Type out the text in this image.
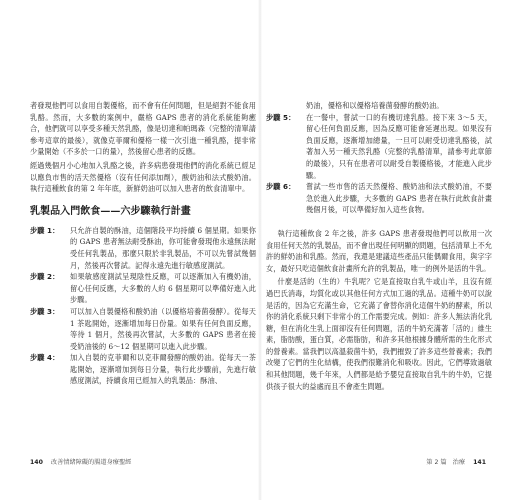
者發現他們可以食用自製優格，而不會有任何問題，但是絕對不能食用乳酪。然而，大多數的案例中，嚴格 GAPS 患者的消化系統能夠癒合，他們就可以享受多種天然乳酪，像是切達和帕瑪森（完整的清單請參考這章的最後），就像克菲爾和優格一樣一次引進一種乳酪，提非常少量開始（不多於一口的量），然後留心患者的反應。

經過幾個月小心地加入乳酪之後，許多病患發現他們的消化系統已經足以應負市售的活天然優格（沒有任何添加劑），酸奶油和法式酸奶油。執行這種飲食的第 2 年年底，新鮮奶油可以加入患者的飲食清單中。

乳製品入門飲食——六步驟執行計畫
步驟 1：	只允許自製的酥油，這個階段平均持續 6 個星期。如果你的 GAPS 患者無法耐受酥油，你可能會發現他永遠無法耐受任何乳製品，那麼只限於非乳製品，不可以先嘗試幾個月，然後再次嘗試。記得永遠先進行敏感度測試。
步驟 2：	如果敏感度測試呈現陰性反應，可以逐漸加入有機奶油，留心任何反應，大多數的人約 6 個星期可以準備好進入此步驟。
步驟 3：	可以加入自製優格和酸奶油（以優格培養菌發酵）。從每天 1 茶匙開始，逐漸增加每日份量。如果有任何負面反應，等待 1 個月，然後再次嘗試，大多數的 GAPS 患者在接受奶油後的 6～12 個星期可以進入此步驟。
步驟 4：	加入自製的克菲爾和以克菲爾發酵的酸奶油。從每天一茶匙開始，逐漸增加到每日分量，執行此步驟前，先進行敏感度測試，持續食用已經加入的乳製品：酥油、

奶油，優格和以優格培養菌發酵的酸奶油。

步驟 5：	在一餐中，嘗試一口的有機切達乳酪。接下來 3～5 天，留心任何負面反應，因為反應可能會延遲出現。如果沒有負面反應，逐漸增加總量，一旦可以耐受切達乳酪後，試著加入另一種天然乳酪（完整的乳酪清單，請參考此章節的最後），只有在患者可以耐受自製優格後，才能進入此步驟。
步驟 6：	嘗試一些市售的活天然優格、酸奶油和法式酸奶油，不要急於進入此步驟，大多數的 GAPS 患者在執行此飲食計畫幾個月後，可以準備好加入這些食物。

執行這種飲食 2 年之後，許多 GAPS 患者發現他們可以飲用一次食用任何天然的乳製品，而不會出現任何明顯的問題，包括清單上不允許的鮮奶油和乳酪。然而，我還是建議這些產品只能偶爾食用，與字字女，最好只吃這個飲食計畫所允許的乳製品，唯一的例外是活的牛乳。

什麼是活的（生的）牛乳呢？它是直接取自乳牛或山羊，且沒有經過巴氏消毒，均質化或以其他任何方式加工過的乳品。這種牛奶可以說是活的，因為它充滿生命，它充滿了會替你消化這個牛奶的酵素，所以你的消化系統只剩下非常小的工作需要完成。例如：許多人無法消化乳糖，但在消化生乳上面卻沒有任何問題，活的牛奶充滿著「活的」維生素，脂肪酸，蛋白質，必需脂肪，和許多其他根據身體所需的生化形式的營養素。當我們以高溫殺菌牛奶，我們摧毀了許多這些營養素；我們改變了它們的生化結構，使我們很難消化和吸收。因此，它們導致過敏和其他問題，幾千年來，人們都是給予嬰兒直接取自乳牛的牛奶，它提供孩子很大的益處而且不會產生問題。

140 改善情緒障礙的腸道身療聖經	第 2 篇　治療 141
